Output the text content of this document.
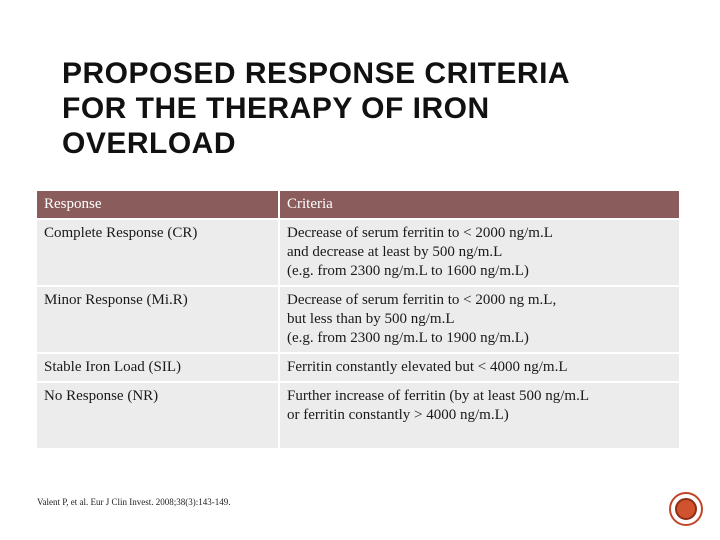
PROPOSED RESPONSE CRITERIA
FOR THE THERAPY OF IRON
OVERLOAD
Response	Criteria
Complete Response (CR)	Decrease of serum ferritin to < 2000 ng/m.L
and decrease at least by 500 ng/m.L
(e.g. from 2300 ng/m.L to 1600 ng/m.L)
Minor Response (Mi.R)	Decrease of serum ferritin to < 2000 ng m.L,
but less than by 500 ng/m.L
(e.g. from 2300 ng/m.L to 1900 ng/m.L)
Stable Iron Load (SIL)	Ferritin constantly elevated but < 4000 ng/m.L
No Response (NR)	Further increase of ferritin (by at least 500 ng/m.L
or ferritin constantly > 4000 ng/m.L)
Valent P, et al. Eur J Clin Invest. 2008;38(3):143-149.
